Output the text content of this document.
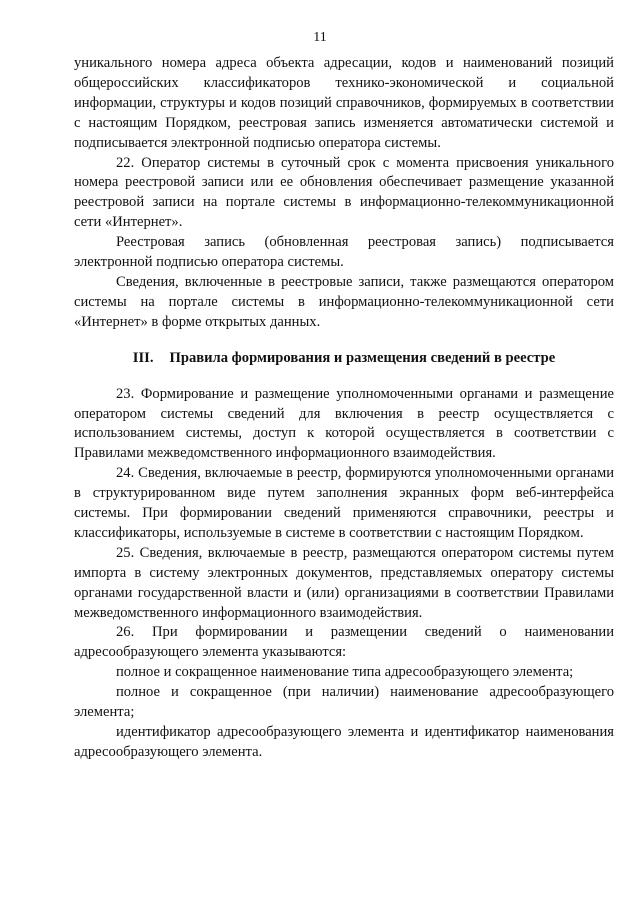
11

уникального номера адреса объекта адресации, кодов и наименований позиций общероссийских классификаторов технико-экономической и социальной информации, структуры и кодов позиций справочников, формируемых в соответствии с настоящим Порядком, реестровая запись изменяется автоматически системой и подписывается электронной подписью оператора системы.

22. Оператор системы в суточный срок с момента присвоения уникального номера реестровой записи или ее обновления обеспечивает размещение указанной реестровой записи на портале системы в информационно-телекоммуникационной сети «Интернет».

Реестровая запись (обновленная реестровая запись) подписывается электронной подписью оператора системы.

Сведения, включенные в реестровые записи, также размещаются оператором системы на портале системы в информационно-телекоммуникационной сети «Интернет» в форме открытых данных.

III. Правила формирования и размещения сведений в реестре

23. Формирование и размещение уполномоченными органами и размещение оператором системы сведений для включения в реестр осуществляется с использованием системы, доступ к которой осуществляется в соответствии с Правилами межведомственного информационного взаимодействия.

24. Сведения, включаемые в реестр, формируются уполномоченными органами в структурированном виде путем заполнения экранных форм веб-интерфейса системы. При формировании сведений применяются справочники, реестры и классификаторы, используемые в системе в соответствии с настоящим Порядком.

25. Сведения, включаемые в реестр, размещаются оператором системы путем импорта в систему электронных документов, представляемых оператору системы органами государственной власти и (или) организациями в соответствии Правилами межведомственного информационного взаимодействия.

26. При формировании и размещении сведений о наименовании адресообразующего элемента указываются:

полное и сокращенное наименование типа адресообразующего элемента;

полное и сокращенное (при наличии) наименование адресообразующего элемента;

идентификатор адресообразующего элемента и идентификатор наименования адресообразующего элемента.
